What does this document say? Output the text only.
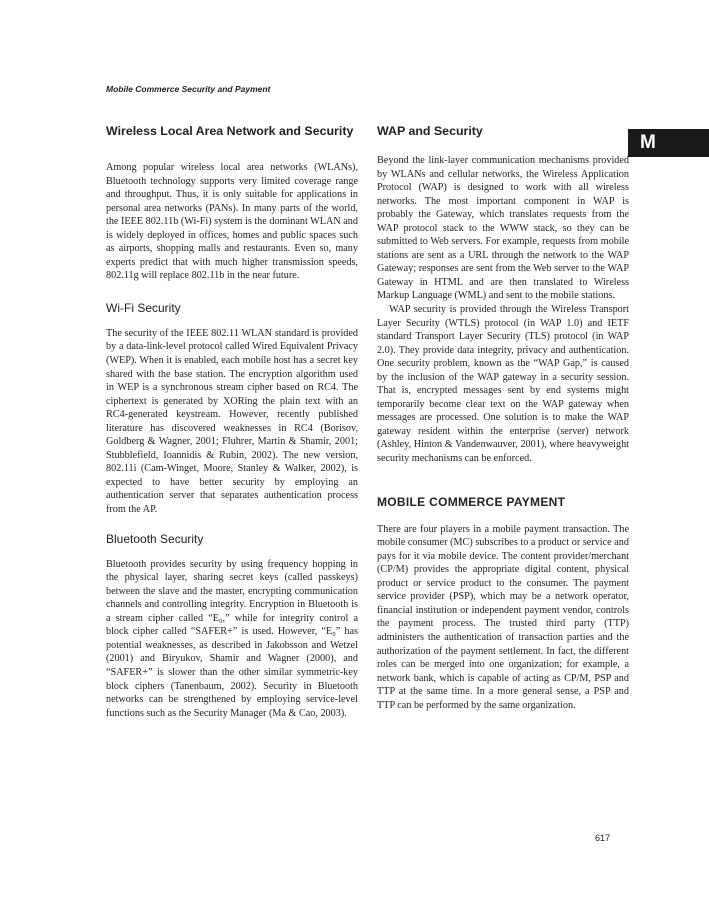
Mobile Commerce Security and Payment
M
Wireless Local Area Network and Security

Among popular wireless local area networks (WLANs), Bluetooth technology supports very limited coverage range and throughput. Thus, it is only suitable for applications in personal area networks (PANs). In many parts of the world, the IEEE 802.11b (Wi-Fi) system is the dominant WLAN and is widely deployed in offices, homes and public spaces such as airports, shopping malls and restaurants. Even so, many experts predict that with much higher transmission speeds, 802.11g will replace 802.11b in the near future.

Wi-Fi Security

The security of the IEEE 802.11 WLAN standard is provided by a data-link-level protocol called Wired Equivalent Privacy (WEP). When it is enabled, each mobile host has a secret key shared with the base station. The encryption algorithm used in WEP is a synchronous stream cipher based on RC4. The ciphertext is generated by XORing the plain text with an RC4-generated keystream. However, recently published literature has discovered weaknesses in RC4 (Borisov, Goldberg & Wagner, 2001; Fluhrer, Martin & Shamir, 2001; Stubblefield, Ioannidis & Rubin, 2002). The new version, 802.11i (Cam-Winget, Moore, Stanley & Walker, 2002), is expected to have better security by employing an authentication server that separates authentication process from the AP.

Bluetooth Security

Bluetooth provides security by using frequency hopping in the physical layer, sharing secret keys (called passkeys) between the slave and the master, encrypting communication channels and controlling integrity. Encryption in Bluetooth is a stream cipher called “E₀,” while for integrity control a block cipher called “SAFER+” is used. However, “E₀” has potential weaknesses, as described in Jakobsson and Wetzel (2001) and Biryukov, Shamir and Wagner (2000), and “SAFER+” is slower than the other similar symmetric-key block ciphers (Tanenbaum, 2002). Security in Bluetooth networks can be strengthened by employing service-level functions such as the Security Manager (Ma & Cao, 2003).

WAP and Security

Beyond the link-layer communication mechanisms provided by WLANs and cellular networks, the Wireless Application Protocol (WAP) is designed to work with all wireless networks. The most important component in WAP is probably the Gateway, which translates requests from the WAP protocol stack to the WWW stack, so they can be submitted to Web servers. For example, requests from mobile stations are sent as a URL through the network to the WAP Gateway; responses are sent from the Web server to the WAP Gateway in HTML and are then translated to Wireless Markup Language (WML) and sent to the mobile stations.

WAP security is provided through the Wireless Transport Layer Security (WTLS) protocol (in WAP 1.0) and IETF standard Transport Layer Security (TLS) protocol (in WAP 2.0). They provide data integrity, privacy and authentication. One security problem, known as the “WAP Gap,” is caused by the inclusion of the WAP gateway in a security session. That is, encrypted messages sent by end systems might temporarily become clear text on the WAP gateway when messages are processed. One solution is to make the WAP gateway resident within the enterprise (server) network (Ashley, Hinton & Vandenwauver, 2001), where heavyweight security mechanisms can be enforced.

MOBILE COMMERCE PAYMENT

There are four players in a mobile payment transaction. The mobile consumer (MC) subscribes to a product or service and pays for it via mobile device. The content provider/merchant (CP/M) provides the appropriate digital content, physical product or service product to the consumer. The payment service provider (PSP), which may be a network operator, financial institution or independent payment vendor, controls the payment process. The trusted third party (TTP) administers the authentication of transaction parties and the authorization of the payment settlement. In fact, the different roles can be merged into one organization; for example, a network bank, which is capable of acting as CP/M, PSP and TTP at the same time. In a more general sense, a PSP and TTP can be performed by the same organization.

617
